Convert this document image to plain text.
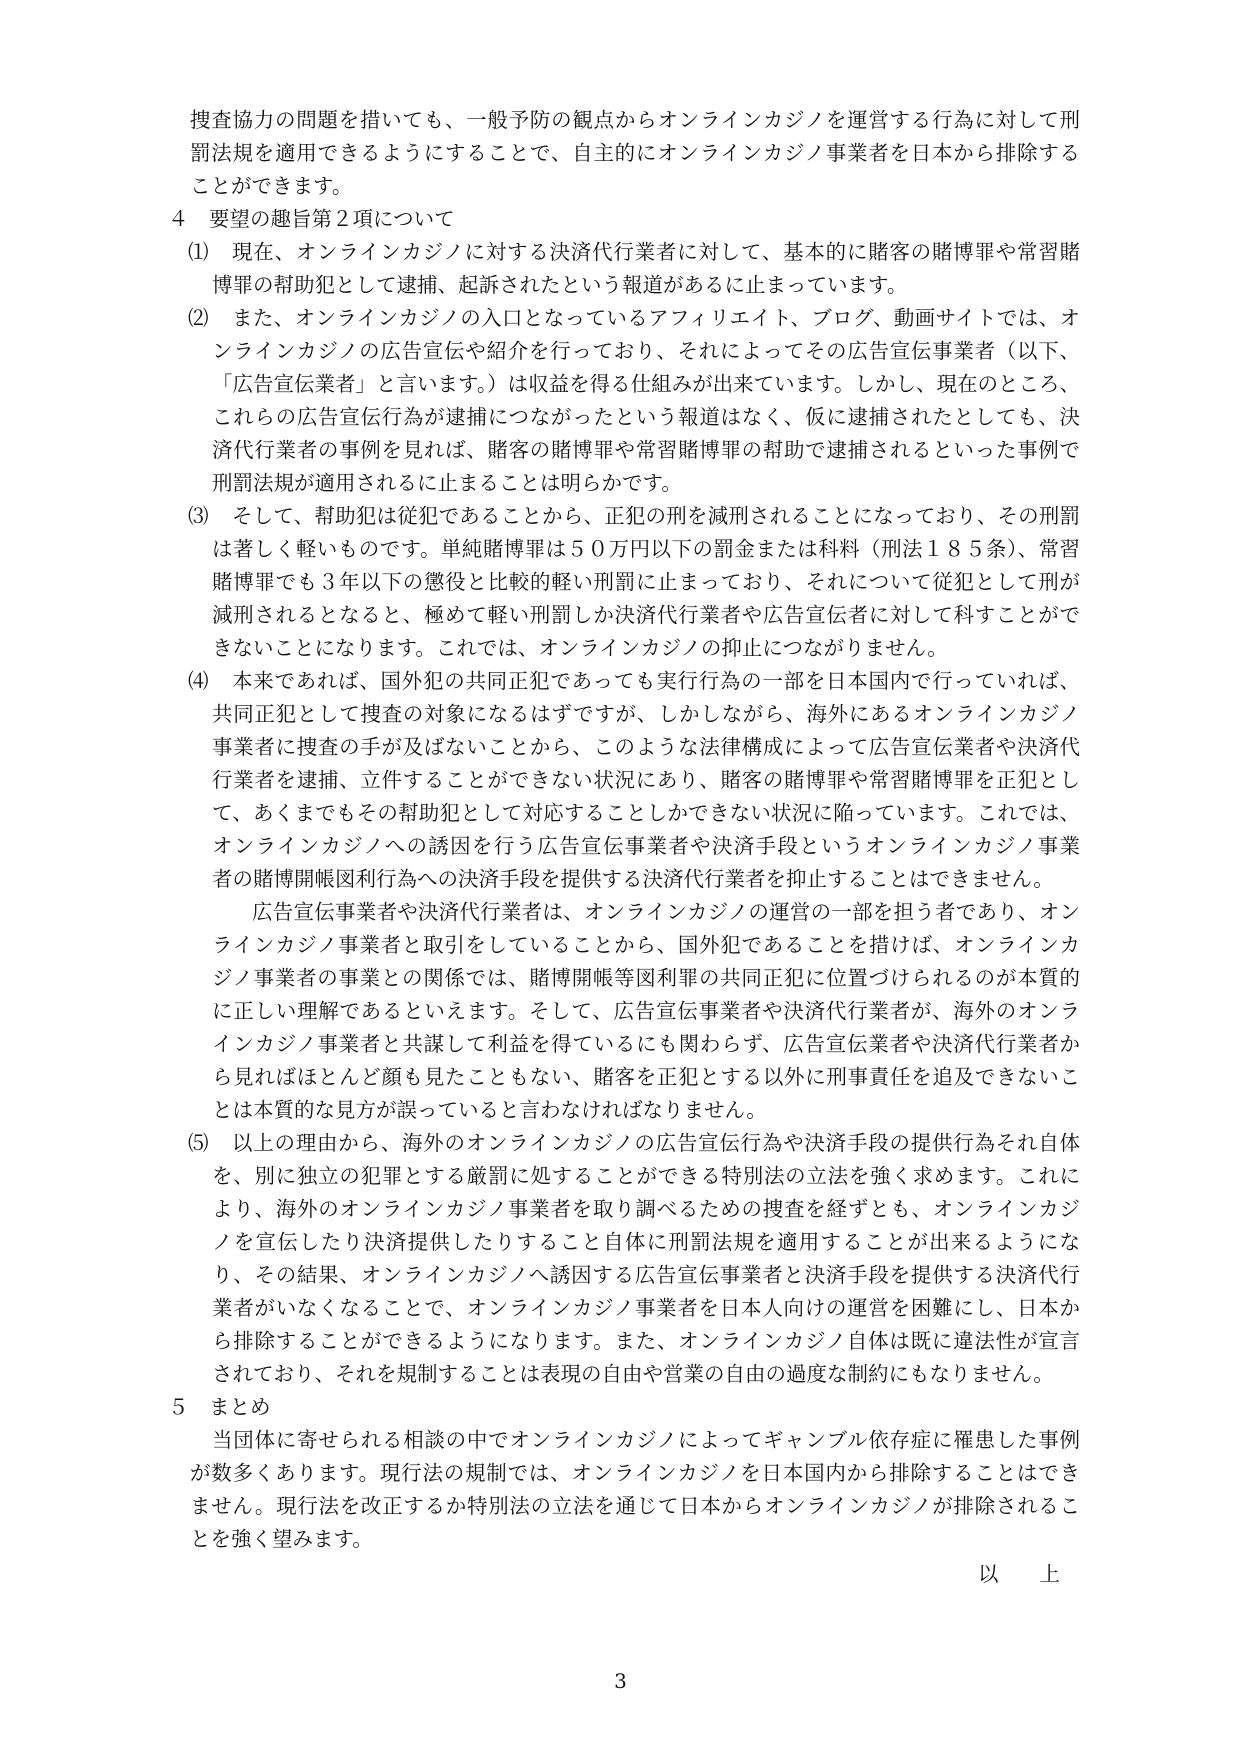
捜査協力の問題を措いても、一般予防の観点からオンラインカジノを運営する行為に対して刑
罰法規を適用できるようにすることで、自主的にオンラインカジノ事業者を日本から排除する
ことができます。
４　要望の趣旨第２項について
⑴ 現在、オンラインカジノに対する決済代行業者に対して、基本的に賭客の賭博罪や常習賭
博罪の幇助犯として逮捕、起訴されたという報道があるに止まっています。
⑵ また、オンラインカジノの入口となっているアフィリエイト、ブログ、動画サイトでは、オ
ンラインカジノの広告宣伝や紹介を行っており、それによってその広告宣伝事業者（以下、
「広告宣伝業者」と言います。）は収益を得る仕組みが出来ています。しかし、現在のところ、
これらの広告宣伝行為が逮捕につながったという報道はなく、仮に逮捕されたとしても、決
済代行業者の事例を見れば、賭客の賭博罪や常習賭博罪の幇助で逮捕されるといった事例で
刑罰法規が適用されるに止まることは明らかです。
⑶ そして、幇助犯は従犯であることから、正犯の刑を減刑されることになっており、その刑罰
は著しく軽いものです。単純賭博罪は５０万円以下の罰金または科料（刑法１８５条）、常習
賭博罪でも３年以下の懲役と比較的軽い刑罰に止まっており、それについて従犯として刑が
減刑されるとなると、極めて軽い刑罰しか決済代行業者や広告宣伝者に対して科すことがで
きないことになります。これでは、オンラインカジノの抑止につながりません。
⑷ 本来であれば、国外犯の共同正犯であっても実行行為の一部を日本国内で行っていれば、
共同正犯として捜査の対象になるはずですが、しかしながら、海外にあるオンラインカジノ
事業者に捜査の手が及ばないことから、このような法律構成によって広告宣伝業者や決済代
行業者を逮捕、立件することができない状況にあり、賭客の賭博罪や常習賭博罪を正犯とし
て、あくまでもその幇助犯として対応することしかできない状況に陥っています。これでは、
オンラインカジノへの誘因を行う広告宣伝事業者や決済手段というオンラインカジノ事業
者の賭博開帳図利行為への決済手段を提供する決済代行業者を抑止することはできません。
広告宣伝事業者や決済代行業者は、オンラインカジノの運営の一部を担う者であり、オン
ラインカジノ事業者と取引をしていることから、国外犯であることを措けば、オンラインカ
ジノ事業者の事業との関係では、賭博開帳等図利罪の共同正犯に位置づけられるのが本質的
に正しい理解であるといえます。そして、広告宣伝事業者や決済代行業者が、海外のオンラ
インカジノ事業者と共謀して利益を得ているにも関わらず、広告宣伝業者や決済代行業者か
ら見ればほとんど顔も見たこともない、賭客を正犯とする以外に刑事責任を追及できないこ
とは本質的な見方が誤っていると言わなければなりません。
⑸ 以上の理由から、海外のオンラインカジノの広告宣伝行為や決済手段の提供行為それ自体
を、別に独立の犯罪とする厳罰に処することができる特別法の立法を強く求めます。これに
より、海外のオンラインカジノ事業者を取り調べるための捜査を経ずとも、オンラインカジ
ノを宣伝したり決済提供したりすること自体に刑罰法規を適用することが出来るようにな
り、その結果、オンラインカジノへ誘因する広告宣伝事業者と決済手段を提供する決済代行
業者がいなくなることで、オンラインカジノ事業者を日本人向けの運営を困難にし、日本か
ら排除することができるようになります。また、オンラインカジノ自体は既に違法性が宣言
されており、それを規制することは表現の自由や営業の自由の過度な制約にもなりません。
５　まとめ
当団体に寄せられる相談の中でオンラインカジノによってギャンブル依存症に罹患した事例
が数多くあります。現行法の規制では、オンラインカジノを日本国内から排除することはでき
ません。現行法を改正するか特別法の立法を通じて日本からオンラインカジノが排除されるこ
とを強く望みます。
以　　上
3
